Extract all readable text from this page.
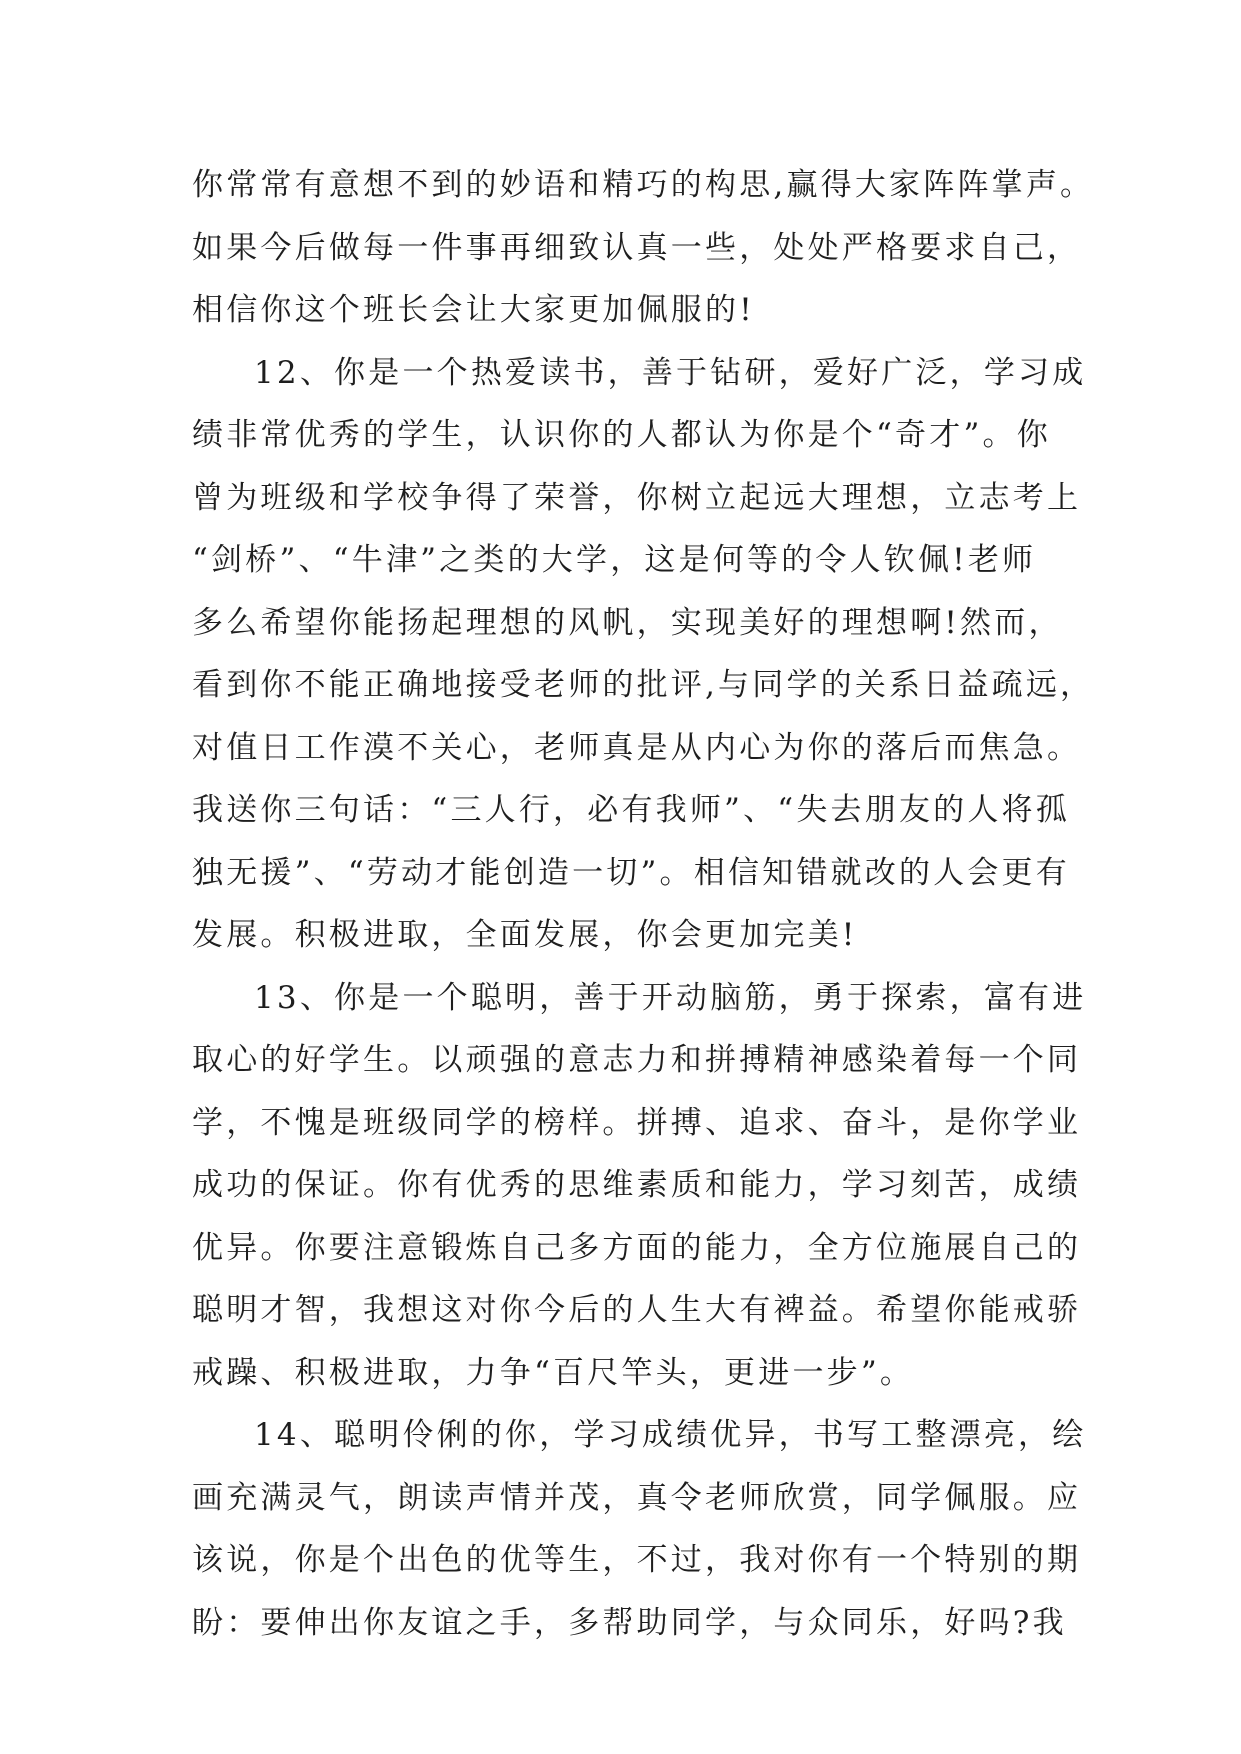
你常常有意想不到的妙语和精巧的构思,赢得大家阵阵掌声。
如果今后做每一件事再细致认真一些，处处严格要求自己，
相信你这个班长会让大家更加佩服的!
12、你是一个热爱读书，善于钻研，爱好广泛，学习成
绩非常优秀的学生，认识你的人都认为你是个“奇才”。你
曾为班级和学校争得了荣誉，你树立起远大理想，立志考上
“剑桥”、“牛津”之类的大学，这是何等的令人钦佩!老师
多么希望你能扬起理想的风帆，实现美好的理想啊!然而，
看到你不能正确地接受老师的批评,与同学的关系日益疏远，
对值日工作漠不关心，老师真是从内心为你的落后而焦急。
我送你三句话：“三人行，必有我师”、“失去朋友的人将孤
独无援”、“劳动才能创造一切”。相信知错就改的人会更有
发展。积极进取，全面发展，你会更加完美!
13、你是一个聪明，善于开动脑筋，勇于探索，富有进
取心的好学生。以顽强的意志力和拼搏精神感染着每一个同
学，不愧是班级同学的榜样。拼搏、追求、奋斗，是你学业
成功的保证。你有优秀的思维素质和能力，学习刻苦，成绩
优异。你要注意锻炼自己多方面的能力，全方位施展自己的
聪明才智，我想这对你今后的人生大有裨益。希望你能戒骄
戒躁、积极进取，力争“百尺竿头，更进一步”。
14、聪明伶俐的你，学习成绩优异，书写工整漂亮，绘
画充满灵气，朗读声情并茂，真令老师欣赏，同学佩服。应
该说，你是个出色的优等生，不过，我对你有一个特别的期
盼：要伸出你友谊之手，多帮助同学，与众同乐，好吗?我
